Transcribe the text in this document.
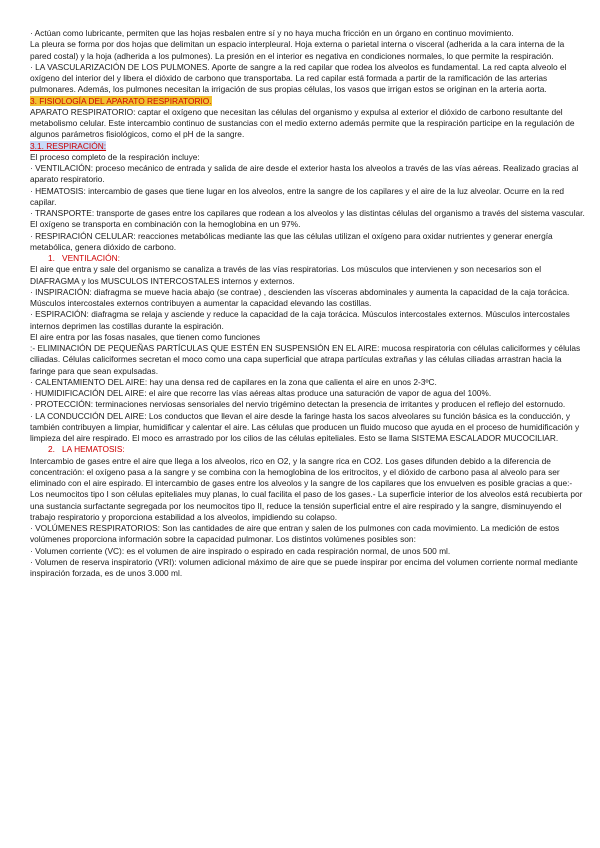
· Actúan como lubricante, permiten que las hojas resbalen entre sí y no haya mucha fricción en un órgano en continuo movimiento.

La pleura se forma por dos hojas que delimitan un espacio interpleural. Hoja externa o parietal interna o visceral (adherida a la cara interna de la pared costal) y la hoja (adherida a los pulmones). La presión en el interior es negativa en condiciones normales, lo que permite la respiración.

· LA VASCULARIZACIÓN DE LOS PULMONES. Aporte de sangre a la red capilar que rodea los alveolos es fundamental. La red capta alveolo el oxígeno del interior del y libera el dióxido de carbono que transportaba. La red capilar está formada a partir de la ramificación de las arterias pulmonares. Además, los pulmones necesitan la irrigación de sus propias células, los vasos que irrigan estos se originan en la arteria aorta.

3. FISIOLOGÍA DEL APARATO RESPIRATORIO.

APARATO RESPIRATORIO: captar el oxígeno que necesitan las células del organismo y expulsa al exterior el dióxido de carbono resultante del metabolismo celular. Este intercambio continuo de sustancias con el medio externo además permite que la respiración participe en la regulación de algunos parámetros fisiológicos, como el pH de la sangre.

3.1. RESPIRACIÓN:

El proceso completo de la respiración incluye:

· VENTILACIÓN: proceso mecánico de entrada y salida de aire desde el exterior hasta los alveolos a través de las vías aéreas. Realizado gracias al aparato respiratorio.

· HEMATOSIS: intercambio de gases que tiene lugar en los alveolos, entre la sangre de los capilares y el aire de la luz alveolar. Ocurre en la red capilar.

· TRANSPORTE: transporte de gases entre los capilares que rodean a los alveolos y las distintas células del organismo a través del sistema vascular. El oxígeno se transporta en combinación con la hemoglobina en un 97%.

· RESPIRACIÓN CELULAR: reacciones metabólicas mediante las que las células utilizan el oxígeno para oxidar nutrientes y generar energía metabólica, genera dióxido de carbono.

1. VENTILACIÓN:

El aire que entra y sale del organismo se canaliza a través de las vías respiratorias. Los músculos que intervienen y son necesarios son el DIAFRAGMA y los MUSCULOS INTERCOSTALES internos y externos.

· INSPIRACIÓN: diafragma se mueve hacia abajo (se contrae) , descienden las vísceras abdominales y aumenta la capacidad de la caja torácica. Músculos intercostales externos contribuyen a aumentar la capacidad elevando las costillas.

· ESPIRACIÓN: diafragma se relaja y asciende y reduce la capacidad de la caja torácica. Músculos intercostales externos. Músculos intercostales internos deprimen las costillas durante la espiración.

El aire entra por las fosas nasales, que tienen como funciones

:- ELIMINACIÓN DE PEQUEÑAS PARTÍCULAS QUE ESTÉN EN SUSPENSIÓN EN EL AIRE: mucosa respiratoria con células caliciformes y células ciliadas. Células caliciformes secretan el moco como una capa superficial que atrapa partículas extrañas y las células ciliadas arrastran hacia la faringe para que sean expulsadas.

· CALENTAMIENTO DEL AIRE: hay una densa red de capilares en la zona que calienta el aire en unos 2-3ºC.

· HUMIDIFICACIÓN DEL AIRE: el aire que recorre las vías aéreas altas produce una saturación de vapor de agua del 100%.

· PROTECCIÓN: terminaciones nerviosas sensoriales del nervio trigémino detectan la presencia de irritantes y producen el reflejo del estornudo.

· LA CONDUCCIÓN DEL AIRE: Los conductos que llevan el aire desde la faringe hasta los sacos alveolares su función básica es la conducción, y también contribuyen a limpiar, humidificar y calentar el aire. Las células que producen un fluido mucoso que ayuda en el proceso de humidificación y limpieza del aire respirado. El moco es arrastrado por los cilios de las células epiteliales. Esto se llama SISTEMA ESCALADOR MUCOCILIAR.

2. LA HEMATOSIS:

Intercambio de gases entre el aire que llega a los alveolos, rico en O2, y la sangre rica en CO2. Los gases difunden debido a la diferencia de concentración: el oxígeno pasa a la sangre y se combina con la hemoglobina de los eritrocitos, y el dióxido de carbono pasa al alveolo para ser eliminado con el aire espirado. El intercambio de gases entre los alveolos y la sangre de los capilares que los envuelven es posible gracias a que:- Los neumocitos tipo I son células epiteliales muy planas, lo cual facilita el paso de los gases.- La superficie interior de los alveolos está recubierta por una sustancia surfactante segregada por los neumocitos tipo II, reduce la tensión superficial entre el aire respirado y la sangre, disminuyendo el trabajo respiratorio y proporciona estabilidad a los alveolos, impidiendo su colapso.

· VOLÚMENES RESPIRATORIOS: Son las cantidades de aire que entran y salen de los pulmones con cada movimiento. La medición de estos volúmenes proporciona información sobre la capacidad pulmonar. Los distintos volúmenes posibles son:

· Volumen corriente (VC): es el volumen de aire inspirado o espirado en cada respiración normal, de unos 500 ml.

· Volumen de reserva inspiratorio (VRI): volumen adicional máximo de aire que se puede inspirar por encima del volumen corriente normal mediante inspiración forzada, es de unos 3.000 ml.
